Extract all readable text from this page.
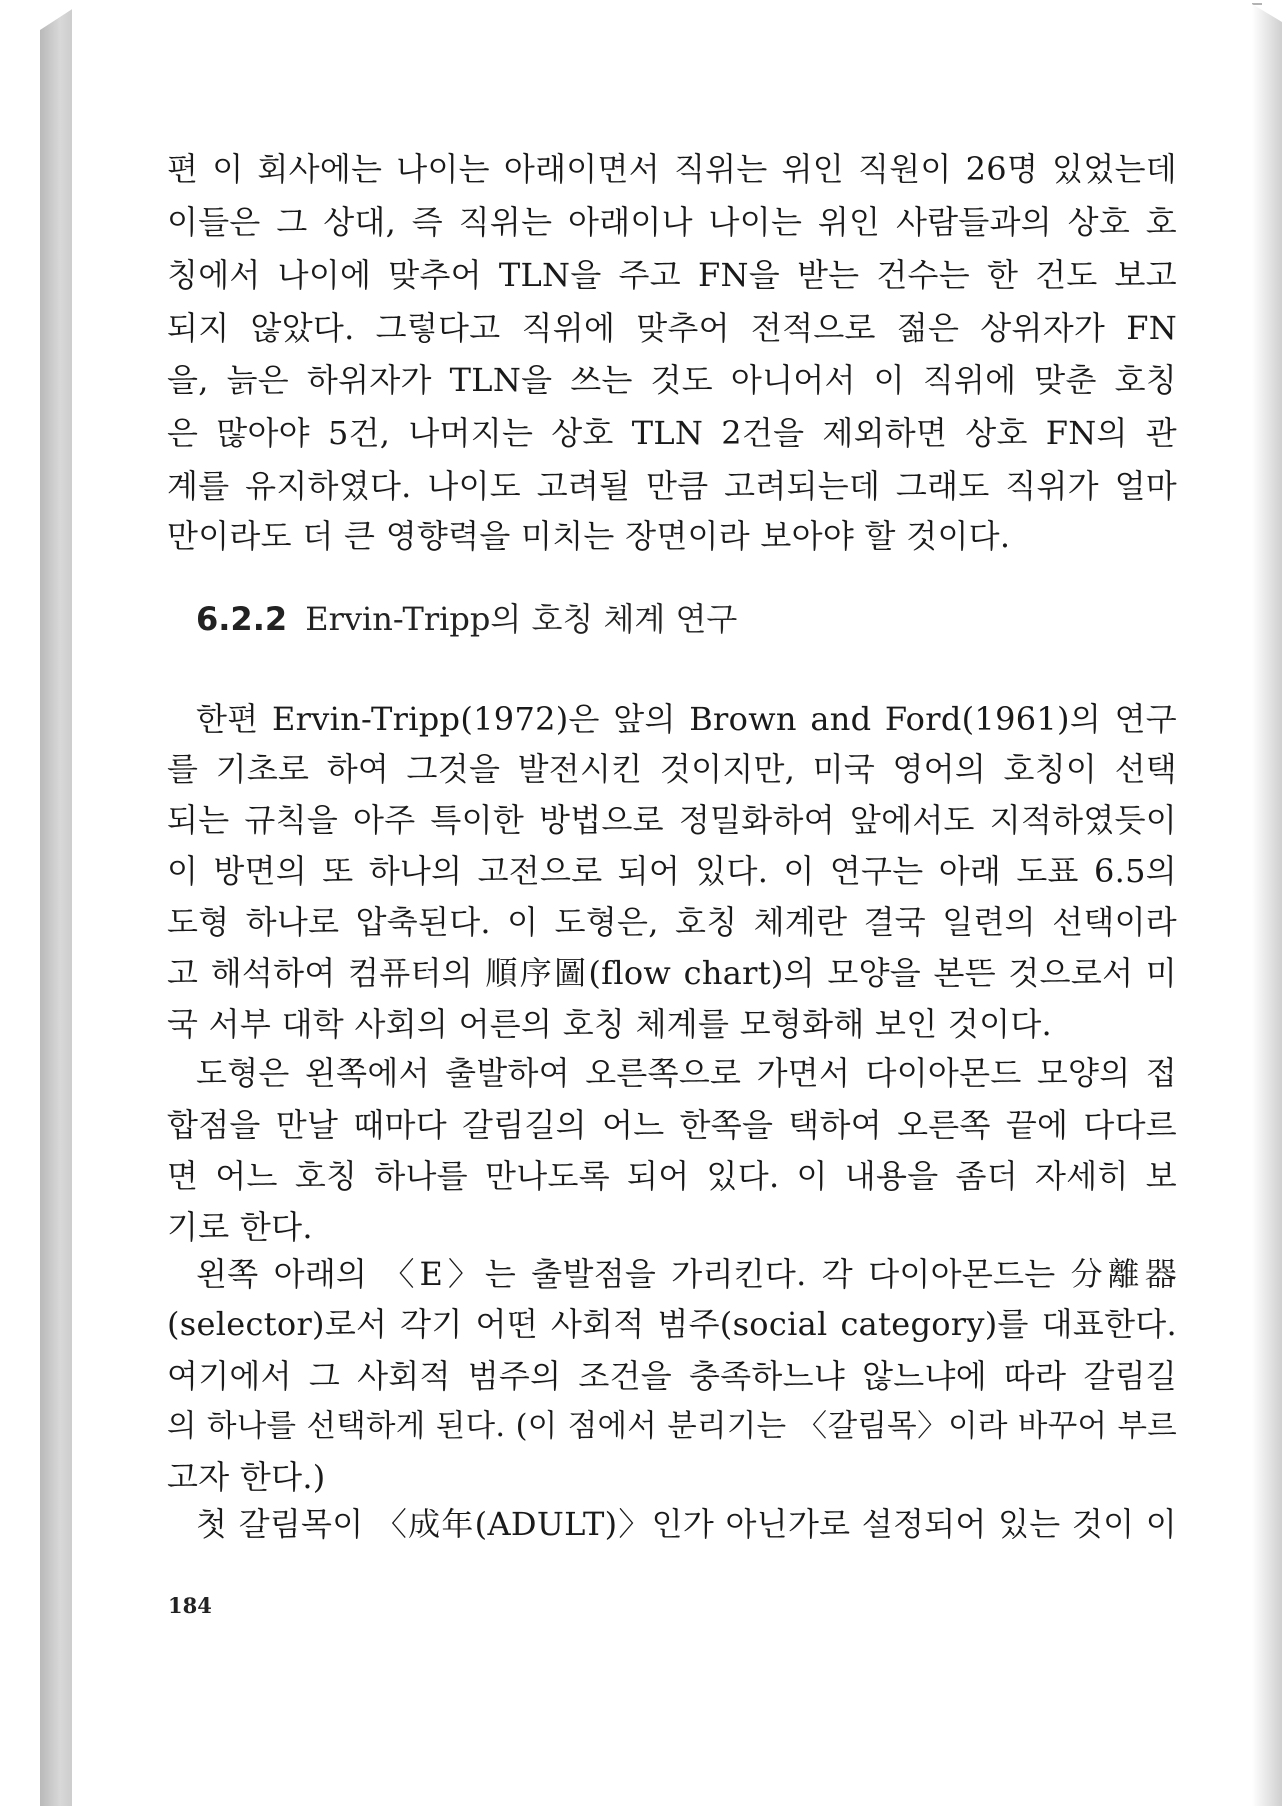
편 이 회사에는 나이는 아래이면서 직위는 위인 직원이 26명 있었는데
이들은 그 상대, 즉 직위는 아래이나 나이는 위인 사람들과의 상호 호
칭에서 나이에 맞추어 TLN을 주고 FN을 받는 건수는 한 건도 보고
되지 않았다. 그렇다고 직위에 맞추어 전적으로 젊은 상위자가 FN
을, 늙은 하위자가 TLN을 쓰는 것도 아니어서 이 직위에 맞춘 호칭
은 많아야 5건, 나머지는 상호 TLN 2건을 제외하면 상호 FN의 관
계를 유지하였다. 나이도 고려될 만큼 고려되는데 그래도 직위가 얼마
만이라도 더 큰 영향력을 미치는 장면이라 보아야 할 것이다.
6.2.2 Ervin-Tripp의 호칭 체계 연구
한편 Ervin-Tripp(1972)은 앞의 Brown and Ford(1961)의 연구
를 기초로 하여 그것을 발전시킨 것이지만, 미국 영어의 호칭이 선택
되는 규칙을 아주 특이한 방법으로 정밀화하여 앞에서도 지적하였듯이
이 방면의 또 하나의 고전으로 되어 있다. 이 연구는 아래 도표 6.5의
도형 하나로 압축된다. 이 도형은, 호칭 체계란 결국 일련의 선택이라
고 해석하여 컴퓨터의 順序圖(flow chart)의 모양을 본뜬 것으로서 미
국 서부 대학 사회의 어른의 호칭 체계를 모형화해 보인 것이다.
도형은 왼쪽에서 출발하여 오른쪽으로 가면서 다이아몬드 모양의 접
합점을 만날 때마다 갈림길의 어느 한쪽을 택하여 오른쪽 끝에 다다르
면 어느 호칭 하나를 만나도록 되어 있다. 이 내용을 좀더 자세히 보
기로 한다.
왼쪽 아래의 〈E〉는 출발점을 가리킨다. 각 다이아몬드는 分離器
(selector)로서 각기 어떤 사회적 범주(social category)를 대표한다.
여기에서 그 사회적 범주의 조건을 충족하느냐 않느냐에 따라 갈림길
의 하나를 선택하게 된다. (이 점에서 분리기는 〈갈림목〉이라 바꾸어 부르
고자 한다.)
첫 갈림목이 〈成年(ADULT)〉인가 아닌가로 설정되어 있는 것이 이
184
